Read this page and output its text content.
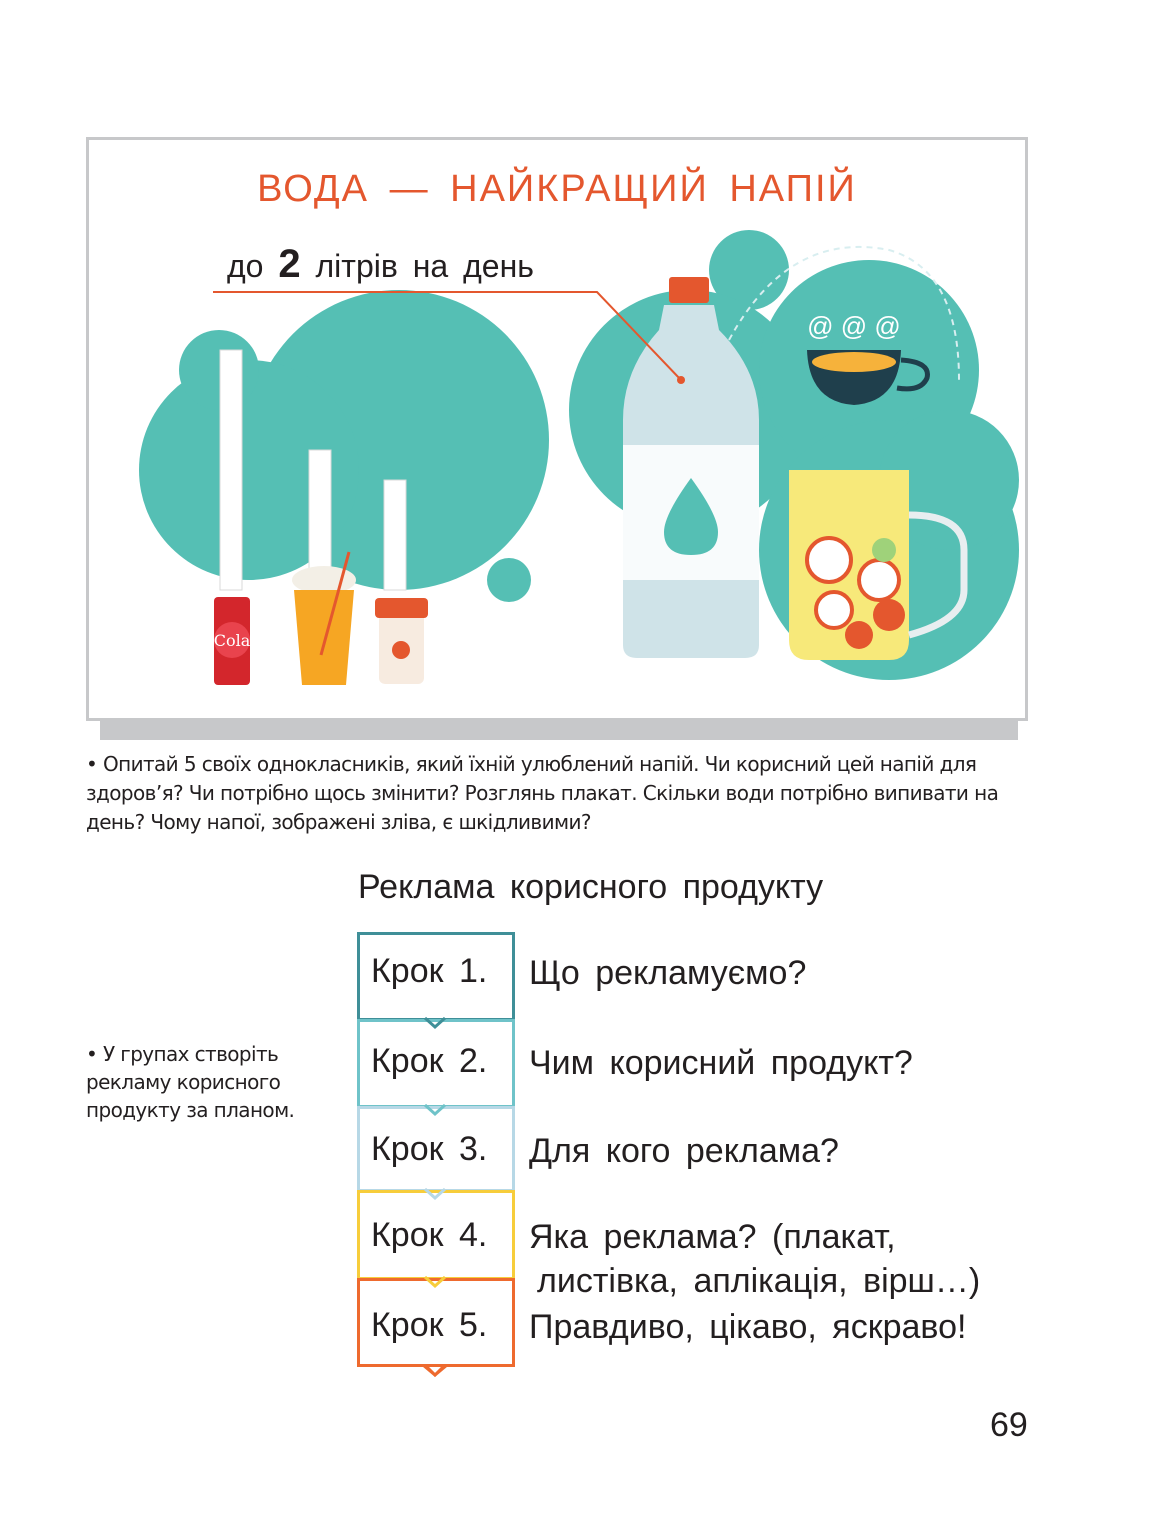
Cola
@ @ @
ВОДА — НАЙКРАЩИЙ НАПІЙ
до 2 літрів на день
• Опитай 5 своїх однокласників, який їхній улюблений напій. Чи корисний цей напій для здоров’я? Чи потрібно щось змінити? Розглянь плакат. Скільки води потрібно випивати на день? Чому напої, зображені зліва, є шкідливими?
• У групах створіть рекламу корисного продукту за планом.
Реклама корисного продукту
Крок 1. Що рекламуємо?
Крок 2. Чим корисний продукт?
Крок 3. Для кого реклама?
Крок 4. Яка реклама? (плакат,
листівка, аплікація, вірш…)
Крок 5. Правдиво, цікаво, яскраво!
69
